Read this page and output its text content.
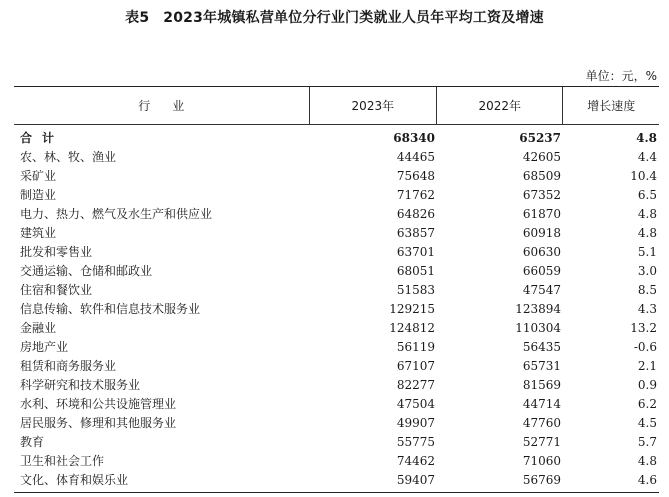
表5 2023年城镇私营单位分行业门类就业人员年平均工资及增速
单位：元，%
行业	2023年	2022年	增长速度
合计	68340	65237	4.8
农、林、牧、渔业	44465	42605	4.4
采矿业	75648	68509	10.4
制造业	71762	67352	6.5
电力、热力、燃气及水生产和供应业	64826	61870	4.8
建筑业	63857	60918	4.8
批发和零售业	63701	60630	5.1
交通运输、仓储和邮政业	68051	66059	3.0
住宿和餐饮业	51583	47547	8.5
信息传输、软件和信息技术服务业	129215	123894	4.3
金融业	124812	110304	13.2
房地产业	56119	56435	-0.6
租赁和商务服务业	67107	65731	2.1
科学研究和技术服务业	82277	81569	0.9
水利、环境和公共设施管理业	47504	44714	6.2
居民服务、修理和其他服务业	49907	47760	4.5
教育	55775	52771	5.7
卫生和社会工作	74462	71060	4.8
文化、体育和娱乐业	59407	56769	4.6
